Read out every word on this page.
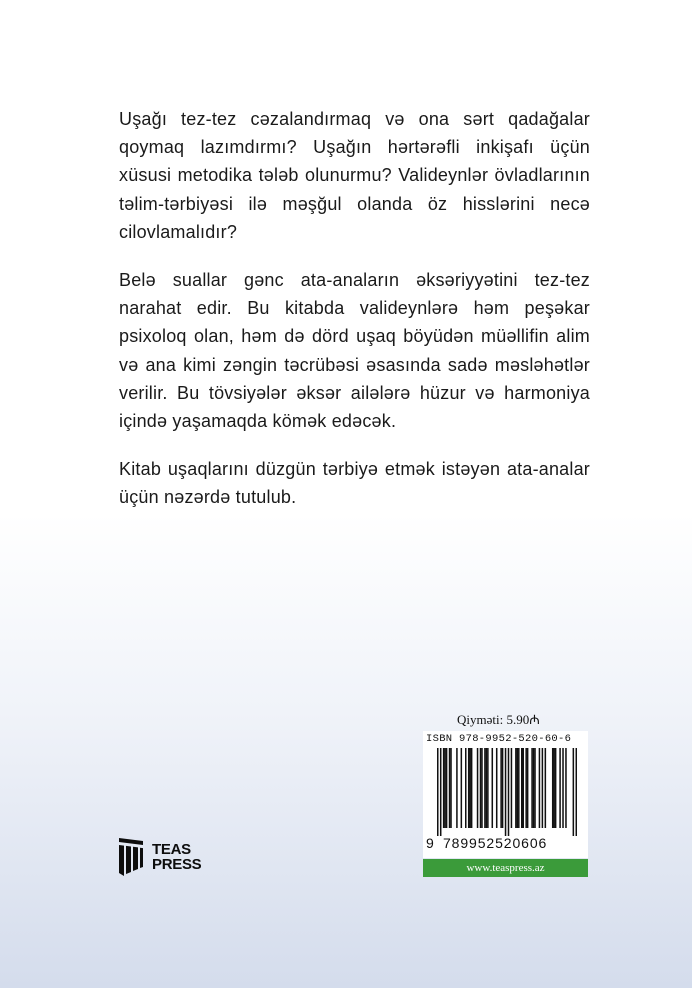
Uşağı tez-tez cəzalandırmaq və ona sərt qadağalar qoymaq lazımdırmı? Uşağın hərtərəfli inkişafı üçün xüsusi metodika tələb olunurmu? Valideynlər övladlarının təlim-tərbiyəsi ilə məşğul olanda öz hisslərini necə cilovlamalıdır?

Belə suallar gənc ata-anaların əksəriyyətini tez-tez narahat edir. Bu kitabda valideynlərə həm peşəkar psixoloq olan, həm də dörd uşaq böyüdən müəllifin alim və ana kimi zəngin təcrübəsi əsasında sadə məsləhətlər verilir. Bu tövsiyələr əksər ailələrə hüzur və harmoniya içində yaşamaqda kömək edəcək.

Kitab uşaqlarını düzgün tərbiyə etmək istəyən ata-analar üçün nəzərdə tutulub.

TEAS
PRESS
Qiymәti: 5.90₼
ISBN 978-9952-520-60-6
9 789952520606
www.teaspress.az
